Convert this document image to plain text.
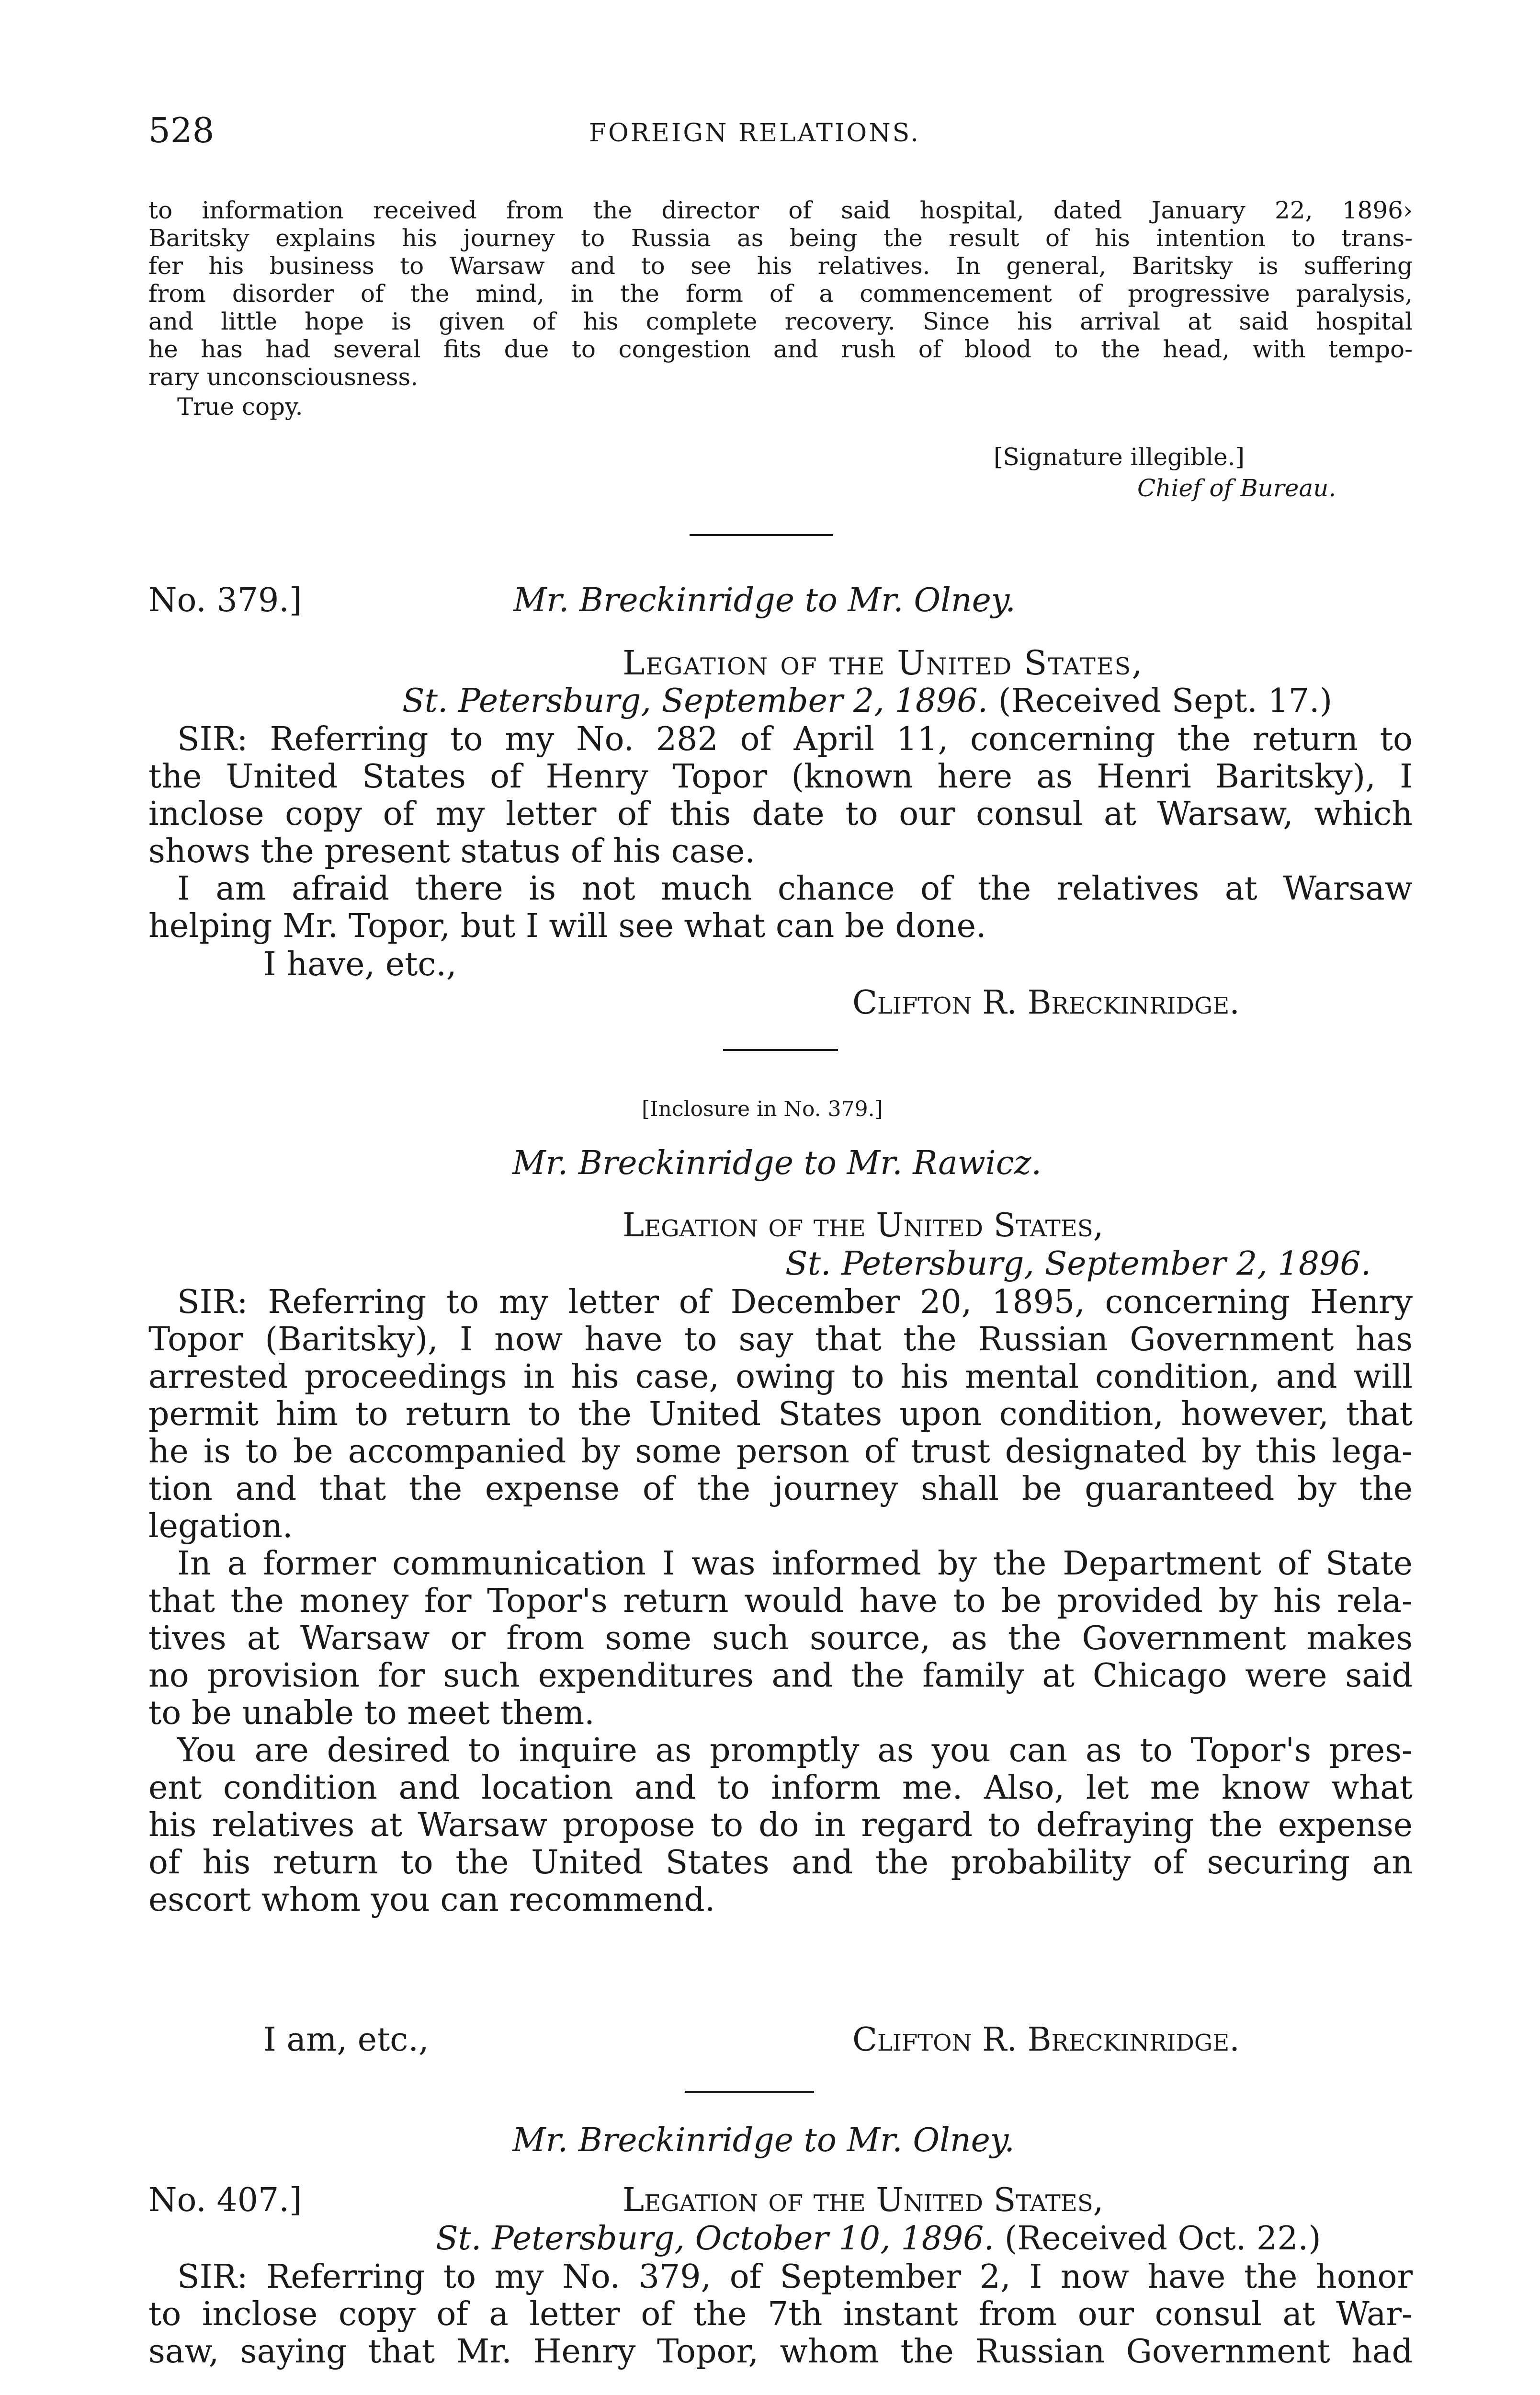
528	FOREIGN RELATIONS.

to information received from the director of said hospital, dated January 22, 1896›

Baritsky explains his journey to Russia as being the result of his intention to trans-

fer his business to Warsaw and to see his relatives. In general, Baritsky is suffering

from disorder of the mind, in the form of a commencement of progressive paralysis,

and little hope is given of his complete recovery. Since his arrival at said hospital

he has had several fits due to congestion and rush of blood to the head, with tempo-

rary unconsciousness.

True copy.
[Signature illegible.]
Chief of Bureau.
No. 379.]	Mr. Breckinridge to Mr. Olney.
Legation of the United States,
St. Petersburg, September 2, 1896. (Received Sept. 17.)

SIR: Referring to my No. 282 of April 11, concerning the return to

the United States of Henry Topor (known here as Henri Baritsky), I

inclose copy of my letter of this date to our consul at Warsaw, which

shows the present status of his case.

I am afraid there is not much chance of the relatives at Warsaw

helping Mr. Topor, but I will see what can be done.

I have, etc.,
Clifton R. Breckinridge.
[Inclosure in No. 379.]
Mr. Breckinridge to Mr. Rawicz.
Legation of the United States,
St. Petersburg, September 2, 1896.

SIR: Referring to my letter of December 20, 1895, concerning Henry

Topor (Baritsky), I now have to say that the Russian Government has

arrested proceedings in his case, owing to his mental condition, and will

permit him to return to the United States upon condition, however, that

he is to be accompanied by some person of trust designated by this lega-

tion and that the expense of the journey shall be guaranteed by the

legation.

In a former communication I was informed by the Department of State

that the money for Topor's return would have to be provided by his rela-

tives at Warsaw or from some such source, as the Government makes

no provision for such expenditures and the family at Chicago were said

to be unable to meet them.

You are desired to inquire as promptly as you can as to Topor's pres-

ent condition and location and to inform me. Also, let me know what

his relatives at Warsaw propose to do in regard to defraying the expense

of his return to the United States and the probability of securing an

escort whom you can recommend.

I am, etc.,	Clifton R. Breckinridge.
Mr. Breckinridge to Mr. Olney.
No. 407.]	Legation of the United States,
St. Petersburg, October 10, 1896. (Received Oct. 22.)

SIR: Referring to my No. 379, of September 2, I now have the honor

to inclose copy of a letter of the 7th instant from our consul at War-

saw, saying that Mr. Henry Topor, whom the Russian Government had
